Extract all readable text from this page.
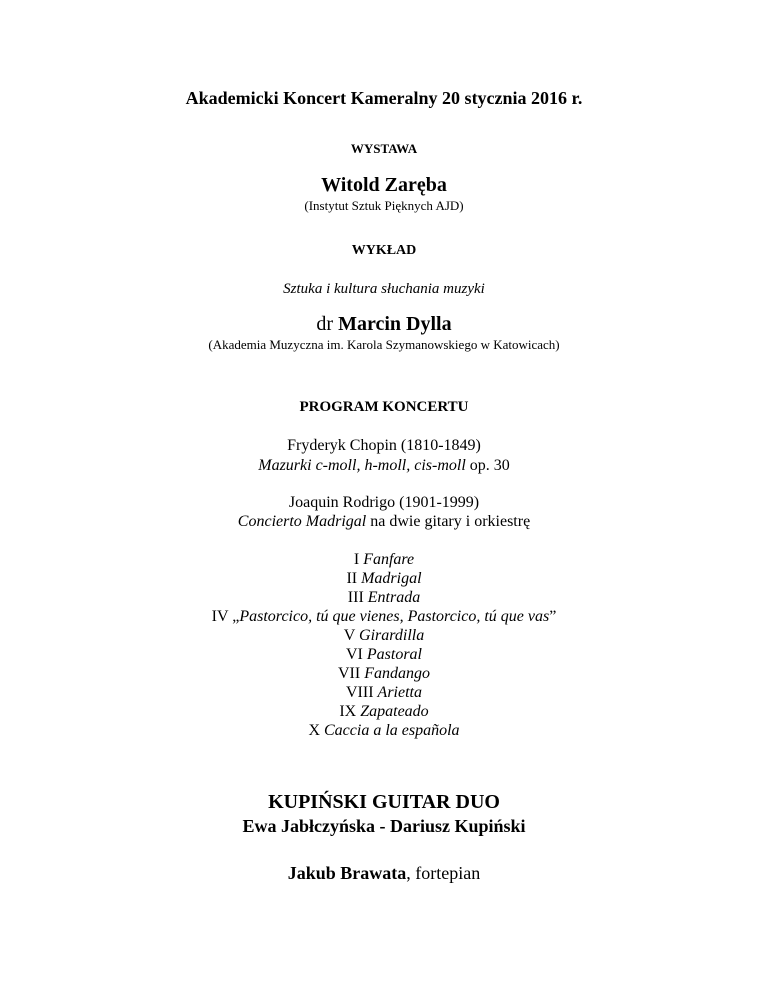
Akademicki Koncert Kameralny 20 stycznia 2016 r.
WYSTAWA
Witold Zaręba
(Instytut Sztuk Pięknych AJD)
WYKŁAD
Sztuka i kultura słuchania muzyki
dr Marcin Dylla
(Akademia Muzyczna im. Karola Szymanowskiego w Katowicach)
PROGRAM KONCERTU
Fryderyk Chopin (1810-1849)
Mazurki c-moll, h-moll, cis-moll op. 30
Joaquin Rodrigo (1901-1999)
Concierto Madrigal na dwie gitary i orkiestrę
I Fanfare
II Madrigal
III Entrada
IV „Pastorcico, tú que vienes, Pastorcico, tú que vas”
V Girardilla
VI Pastoral
VII Fandango
VIII Arietta
IX Zapateado
X Caccia a la española
KUPIŃSKI GUITAR DUO
Ewa Jabłczyńska - Dariusz Kupiński
Jakub Brawata, fortepian
